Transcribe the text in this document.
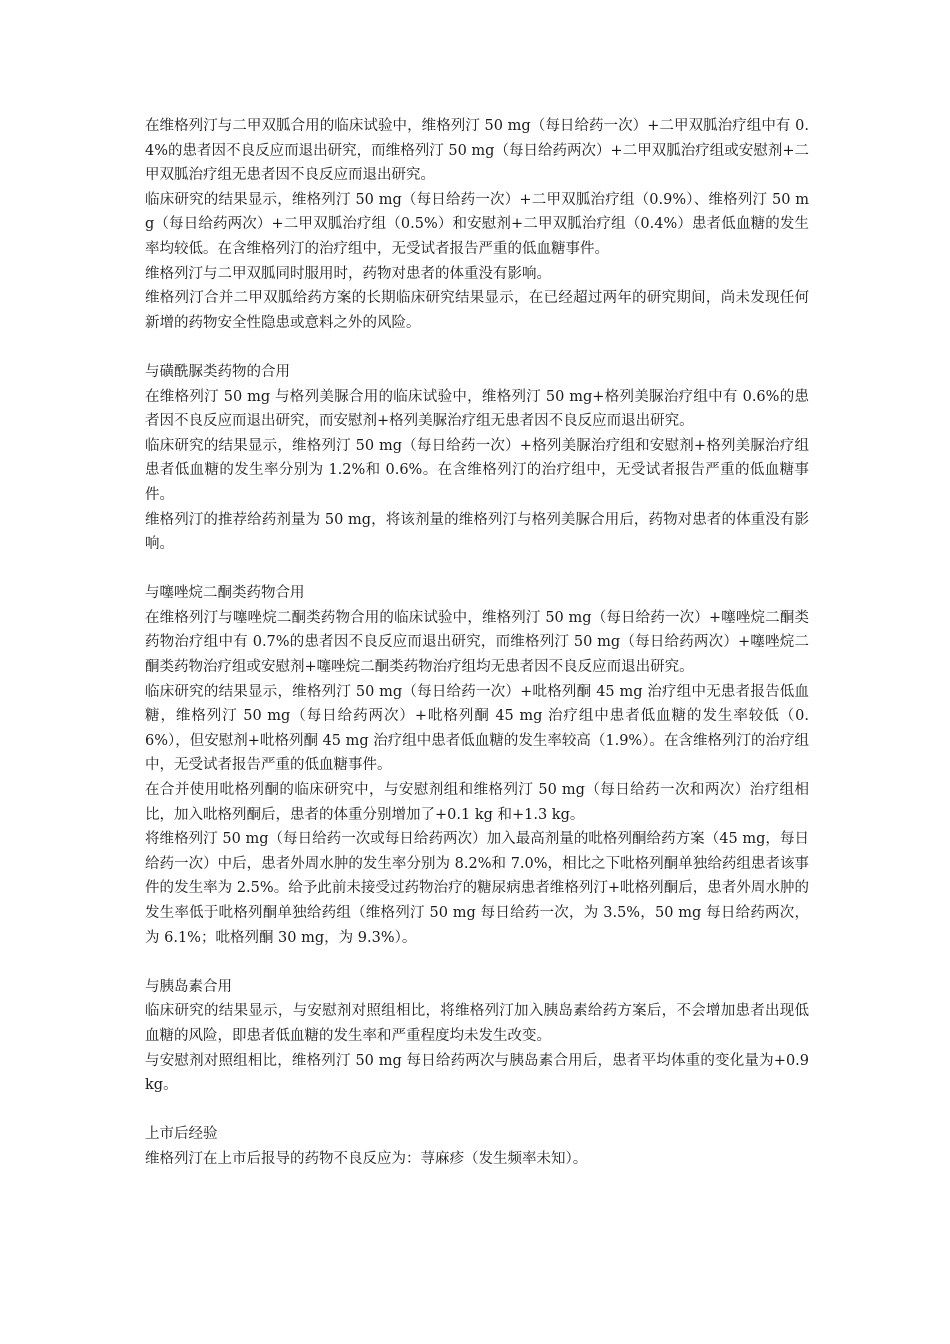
在维格列汀与二甲双胍合用的临床试验中，维格列汀 50 mg（每日给药一次）+二甲双胍治疗组中有 0.4%的患者因不良反应而退出研究，而维格列汀 50 mg（每日给药两次）+二甲双胍治疗组或安慰剂+二甲双胍治疗组无患者因不良反应而退出研究。

临床研究的结果显示，维格列汀 50 mg（每日给药一次）+二甲双胍治疗组（0.9%）、维格列汀 50 mg（每日给药两次）+二甲双胍治疗组（0.5%）和安慰剂+二甲双胍治疗组（0.4%）患者低血糖的发生率均较低。在含维格列汀的治疗组中，无受试者报告严重的低血糖事件。

维格列汀与二甲双胍同时服用时，药物对患者的体重没有影响。

维格列汀合并二甲双胍给药方案的长期临床研究结果显示，在已经超过两年的研究期间，尚未发现任何新增的药物安全性隐患或意料之外的风险。

与磺酰脲类药物的合用

在维格列汀 50 mg 与格列美脲合用的临床试验中，维格列汀 50 mg+格列美脲治疗组中有 0.6%的患者因不良反应而退出研究，而安慰剂+格列美脲治疗组无患者因不良反应而退出研究。

临床研究的结果显示，维格列汀 50 mg（每日给药一次）+格列美脲治疗组和安慰剂+格列美脲治疗组患者低血糖的发生率分别为 1.2%和 0.6%。在含维格列汀的治疗组中，无受试者报告严重的低血糖事件。

维格列汀的推荐给药剂量为 50 mg，将该剂量的维格列汀与格列美脲合用后，药物对患者的体重没有影响。

与噻唑烷二酮类药物合用

在维格列汀与噻唑烷二酮类药物合用的临床试验中，维格列汀 50 mg（每日给药一次）+噻唑烷二酮类药物治疗组中有 0.7%的患者因不良反应而退出研究，而维格列汀 50 mg（每日给药两次）+噻唑烷二酮类药物治疗组或安慰剂+噻唑烷二酮类药物治疗组均无患者因不良反应而退出研究。

临床研究的结果显示，维格列汀 50 mg（每日给药一次）+吡格列酮 45 mg 治疗组中无患者报告低血糖，维格列汀 50 mg（每日给药两次）+吡格列酮 45 mg 治疗组中患者低血糖的发生率较低（0.6%），但安慰剂+吡格列酮 45 mg 治疗组中患者低血糖的发生率较高（1.9%）。在含维格列汀的治疗组中，无受试者报告严重的低血糖事件。

在合并使用吡格列酮的临床研究中，与安慰剂组和维格列汀 50 mg（每日给药一次和两次）治疗组相比，加入吡格列酮后，患者的体重分别增加了+0.1 kg 和+1.3 kg。

将维格列汀 50 mg（每日给药一次或每日给药两次）加入最高剂量的吡格列酮给药方案（45 mg，每日给药一次）中后，患者外周水肿的发生率分别为 8.2%和 7.0%，相比之下吡格列酮单独给药组患者该事件的发生率为 2.5%。给予此前未接受过药物治疗的糖尿病患者维格列汀+吡格列酮后，患者外周水肿的发生率低于吡格列酮单独给药组（维格列汀 50 mg 每日给药一次，为 3.5%，50 mg 每日给药两次，为 6.1%；吡格列酮 30 mg，为 9.3%）。

与胰岛素合用

临床研究的结果显示，与安慰剂对照组相比，将维格列汀加入胰岛素给药方案后，不会增加患者出现低血糖的风险，即患者低血糖的发生率和严重程度均未发生改变。

与安慰剂对照组相比，维格列汀 50 mg 每日给药两次与胰岛素合用后，患者平均体重的变化量为+0.9 kg。

上市后经验

维格列汀在上市后报导的药物不良反应为：荨麻疹（发生频率未知）。
